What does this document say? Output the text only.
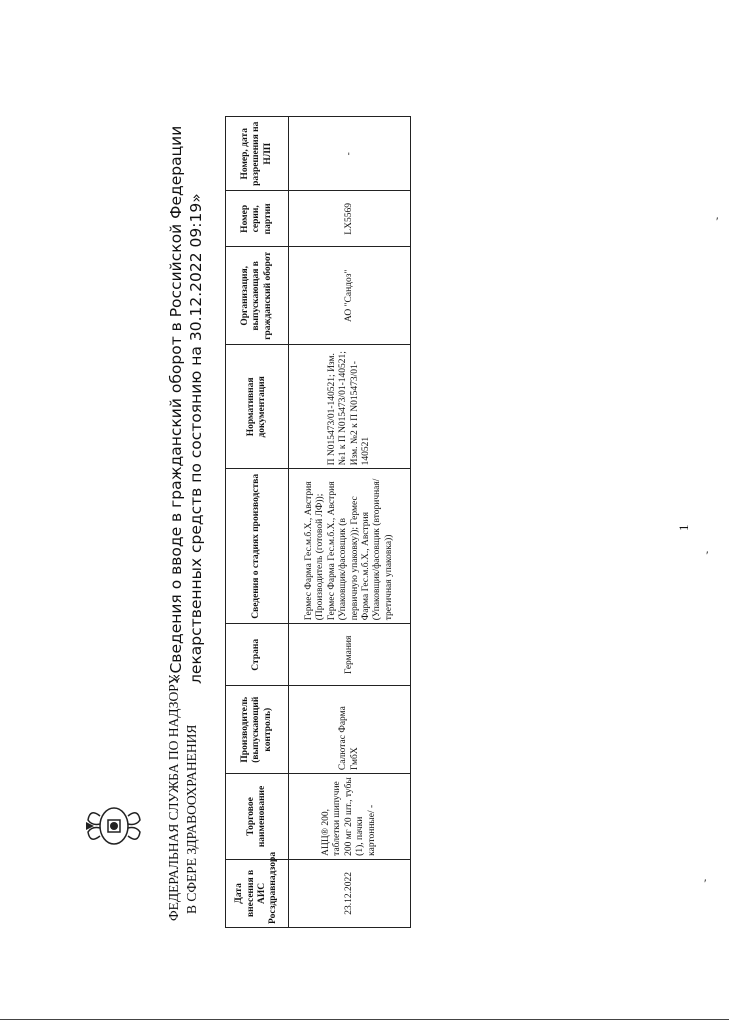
ФЕДЕРАЛЬНАЯ СЛУЖБА ПО НАДЗОРУ В СФЕРЕ ЗДРАВООХРАНЕНИЯ
«Сведения о вводе в гражданский оборот в Российской Федерации лекарственных средств по состоянию на 30.12.2022 09:19»
Дата внесения в АИС Росздравнадзора	Торговое наименование	Производитель (выпускающий контроль)	Страна	Сведения о стадиях производства	Нормативная документация	Организация, выпускающая в гражданский оборот	Номер серии, партии	Номер, дата разрешения на НЛП
23.12.2022	АЦЦ® 200, таблетки шипучие 200 мг 20 шт., тубы (1), пачки картонные/ -	Салютас Фарма ГмбХ	Германия	Гермес Фарма Гес.м.б.Х., Австрия (Производитель (готовой ЛФ)); Гермес Фарма Гес.м.б.Х., Австрия (Упаковщик/фасовщик (в первичную упаковку)); Гермес Фарма Гес.м.б.Х., Австрия (Упаковщик/фасовщик (вторичная/третичная упаковка))	П N015473/01-140521; Изм. №1 к П N015473/01-140521; Изм. №2 к П N015473/01-140521	АО "Сандоз"	LX5569	-
1
′
′
′
